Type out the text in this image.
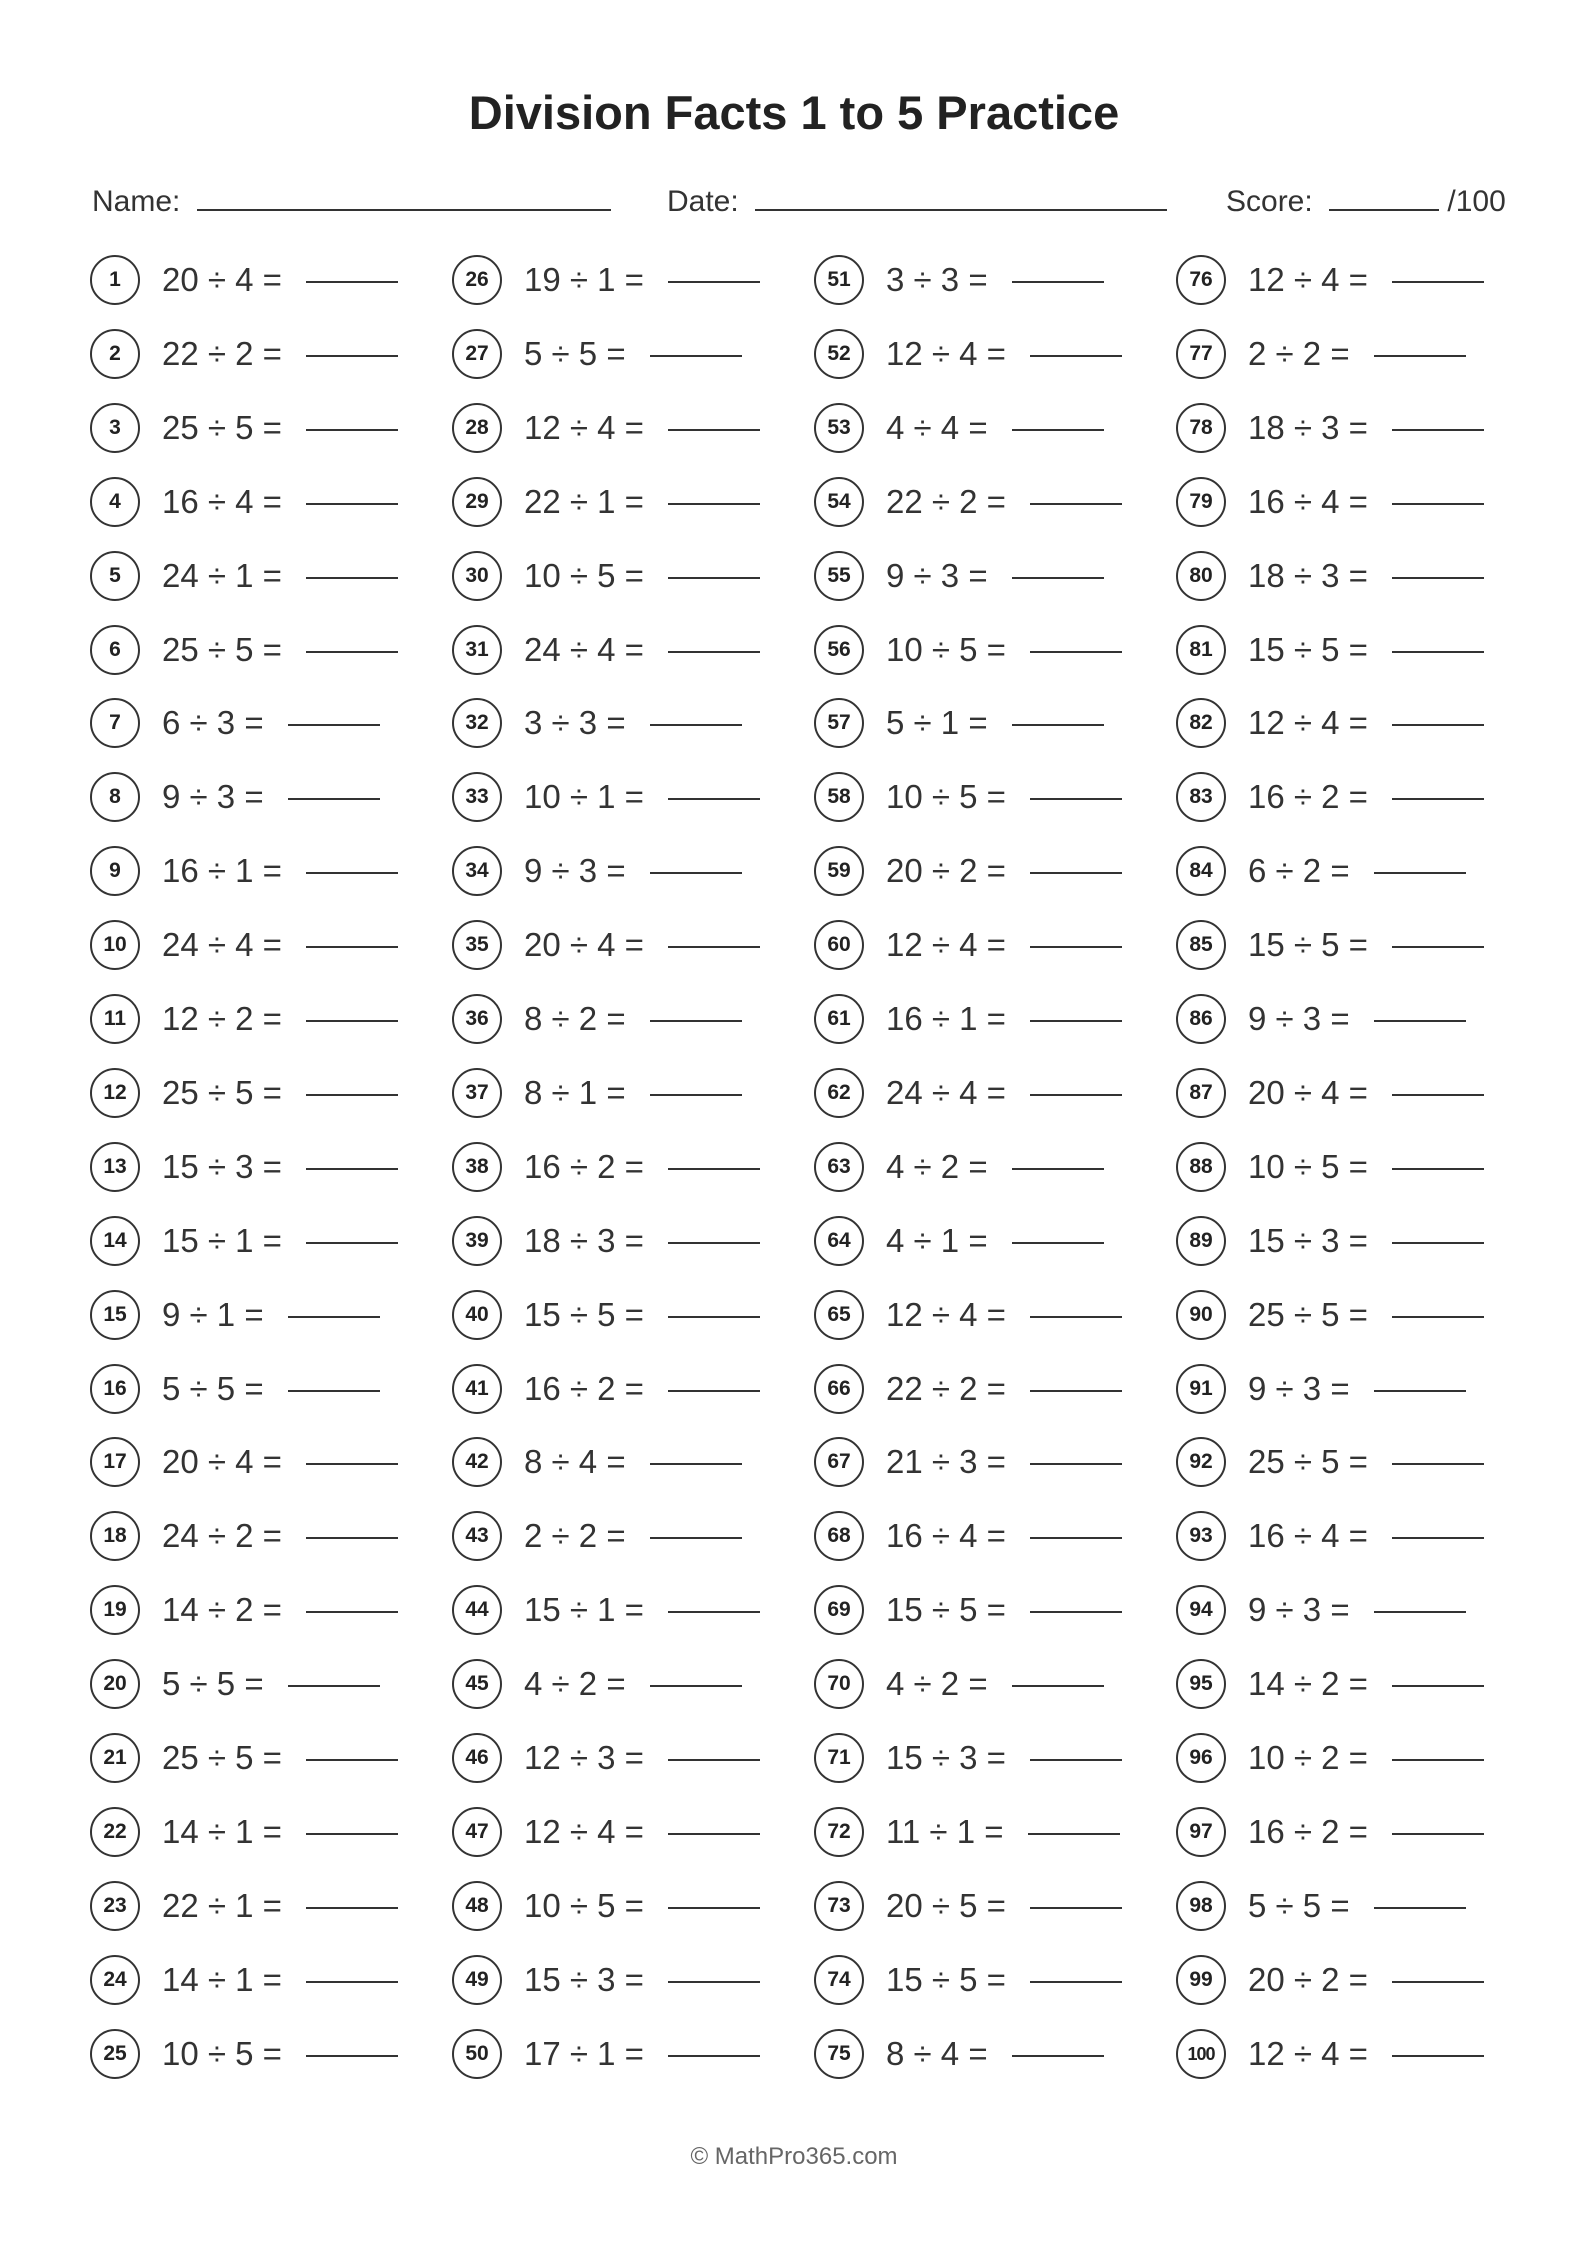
Division Facts 1 to 5 Practice
Name:	Date:	Score:	/100
1	20 ÷ 4 =
2	22 ÷ 2 =
3	25 ÷ 5 =
4	16 ÷ 4 =
5	24 ÷ 1 =
6	25 ÷ 5 =
7	6 ÷ 3 =
8	9 ÷ 3 =
9	16 ÷ 1 =
10	24 ÷ 4 =
11	12 ÷ 2 =
12	25 ÷ 5 =
13	15 ÷ 3 =
14	15 ÷ 1 =
15	9 ÷ 1 =
16	5 ÷ 5 =
17	20 ÷ 4 =
18	24 ÷ 2 =
19	14 ÷ 2 =
20	5 ÷ 5 =
21	25 ÷ 5 =
22	14 ÷ 1 =
23	22 ÷ 1 =
24	14 ÷ 1 =
25	10 ÷ 5 =
26	19 ÷ 1 =
27	5 ÷ 5 =
28	12 ÷ 4 =
29	22 ÷ 1 =
30	10 ÷ 5 =
31	24 ÷ 4 =
32	3 ÷ 3 =
33	10 ÷ 1 =
34	9 ÷ 3 =
35	20 ÷ 4 =
36	8 ÷ 2 =
37	8 ÷ 1 =
38	16 ÷ 2 =
39	18 ÷ 3 =
40	15 ÷ 5 =
41	16 ÷ 2 =
42	8 ÷ 4 =
43	2 ÷ 2 =
44	15 ÷ 1 =
45	4 ÷ 2 =
46	12 ÷ 3 =
47	12 ÷ 4 =
48	10 ÷ 5 =
49	15 ÷ 3 =
50	17 ÷ 1 =
51	3 ÷ 3 =
52	12 ÷ 4 =
53	4 ÷ 4 =
54	22 ÷ 2 =
55	9 ÷ 3 =
56	10 ÷ 5 =
57	5 ÷ 1 =
58	10 ÷ 5 =
59	20 ÷ 2 =
60	12 ÷ 4 =
61	16 ÷ 1 =
62	24 ÷ 4 =
63	4 ÷ 2 =
64	4 ÷ 1 =
65	12 ÷ 4 =
66	22 ÷ 2 =
67	21 ÷ 3 =
68	16 ÷ 4 =
69	15 ÷ 5 =
70	4 ÷ 2 =
71	15 ÷ 3 =
72	11 ÷ 1 =
73	20 ÷ 5 =
74	15 ÷ 5 =
75	8 ÷ 4 =
76	12 ÷ 4 =
77	2 ÷ 2 =
78	18 ÷ 3 =
79	16 ÷ 4 =
80	18 ÷ 3 =
81	15 ÷ 5 =
82	12 ÷ 4 =
83	16 ÷ 2 =
84	6 ÷ 2 =
85	15 ÷ 5 =
86	9 ÷ 3 =
87	20 ÷ 4 =
88	10 ÷ 5 =
89	15 ÷ 3 =
90	25 ÷ 5 =
91	9 ÷ 3 =
92	25 ÷ 5 =
93	16 ÷ 4 =
94	9 ÷ 3 =
95	14 ÷ 2 =
96	10 ÷ 2 =
97	16 ÷ 2 =
98	5 ÷ 5 =
99	20 ÷ 2 =
100	12 ÷ 4 =
© MathPro365.com
